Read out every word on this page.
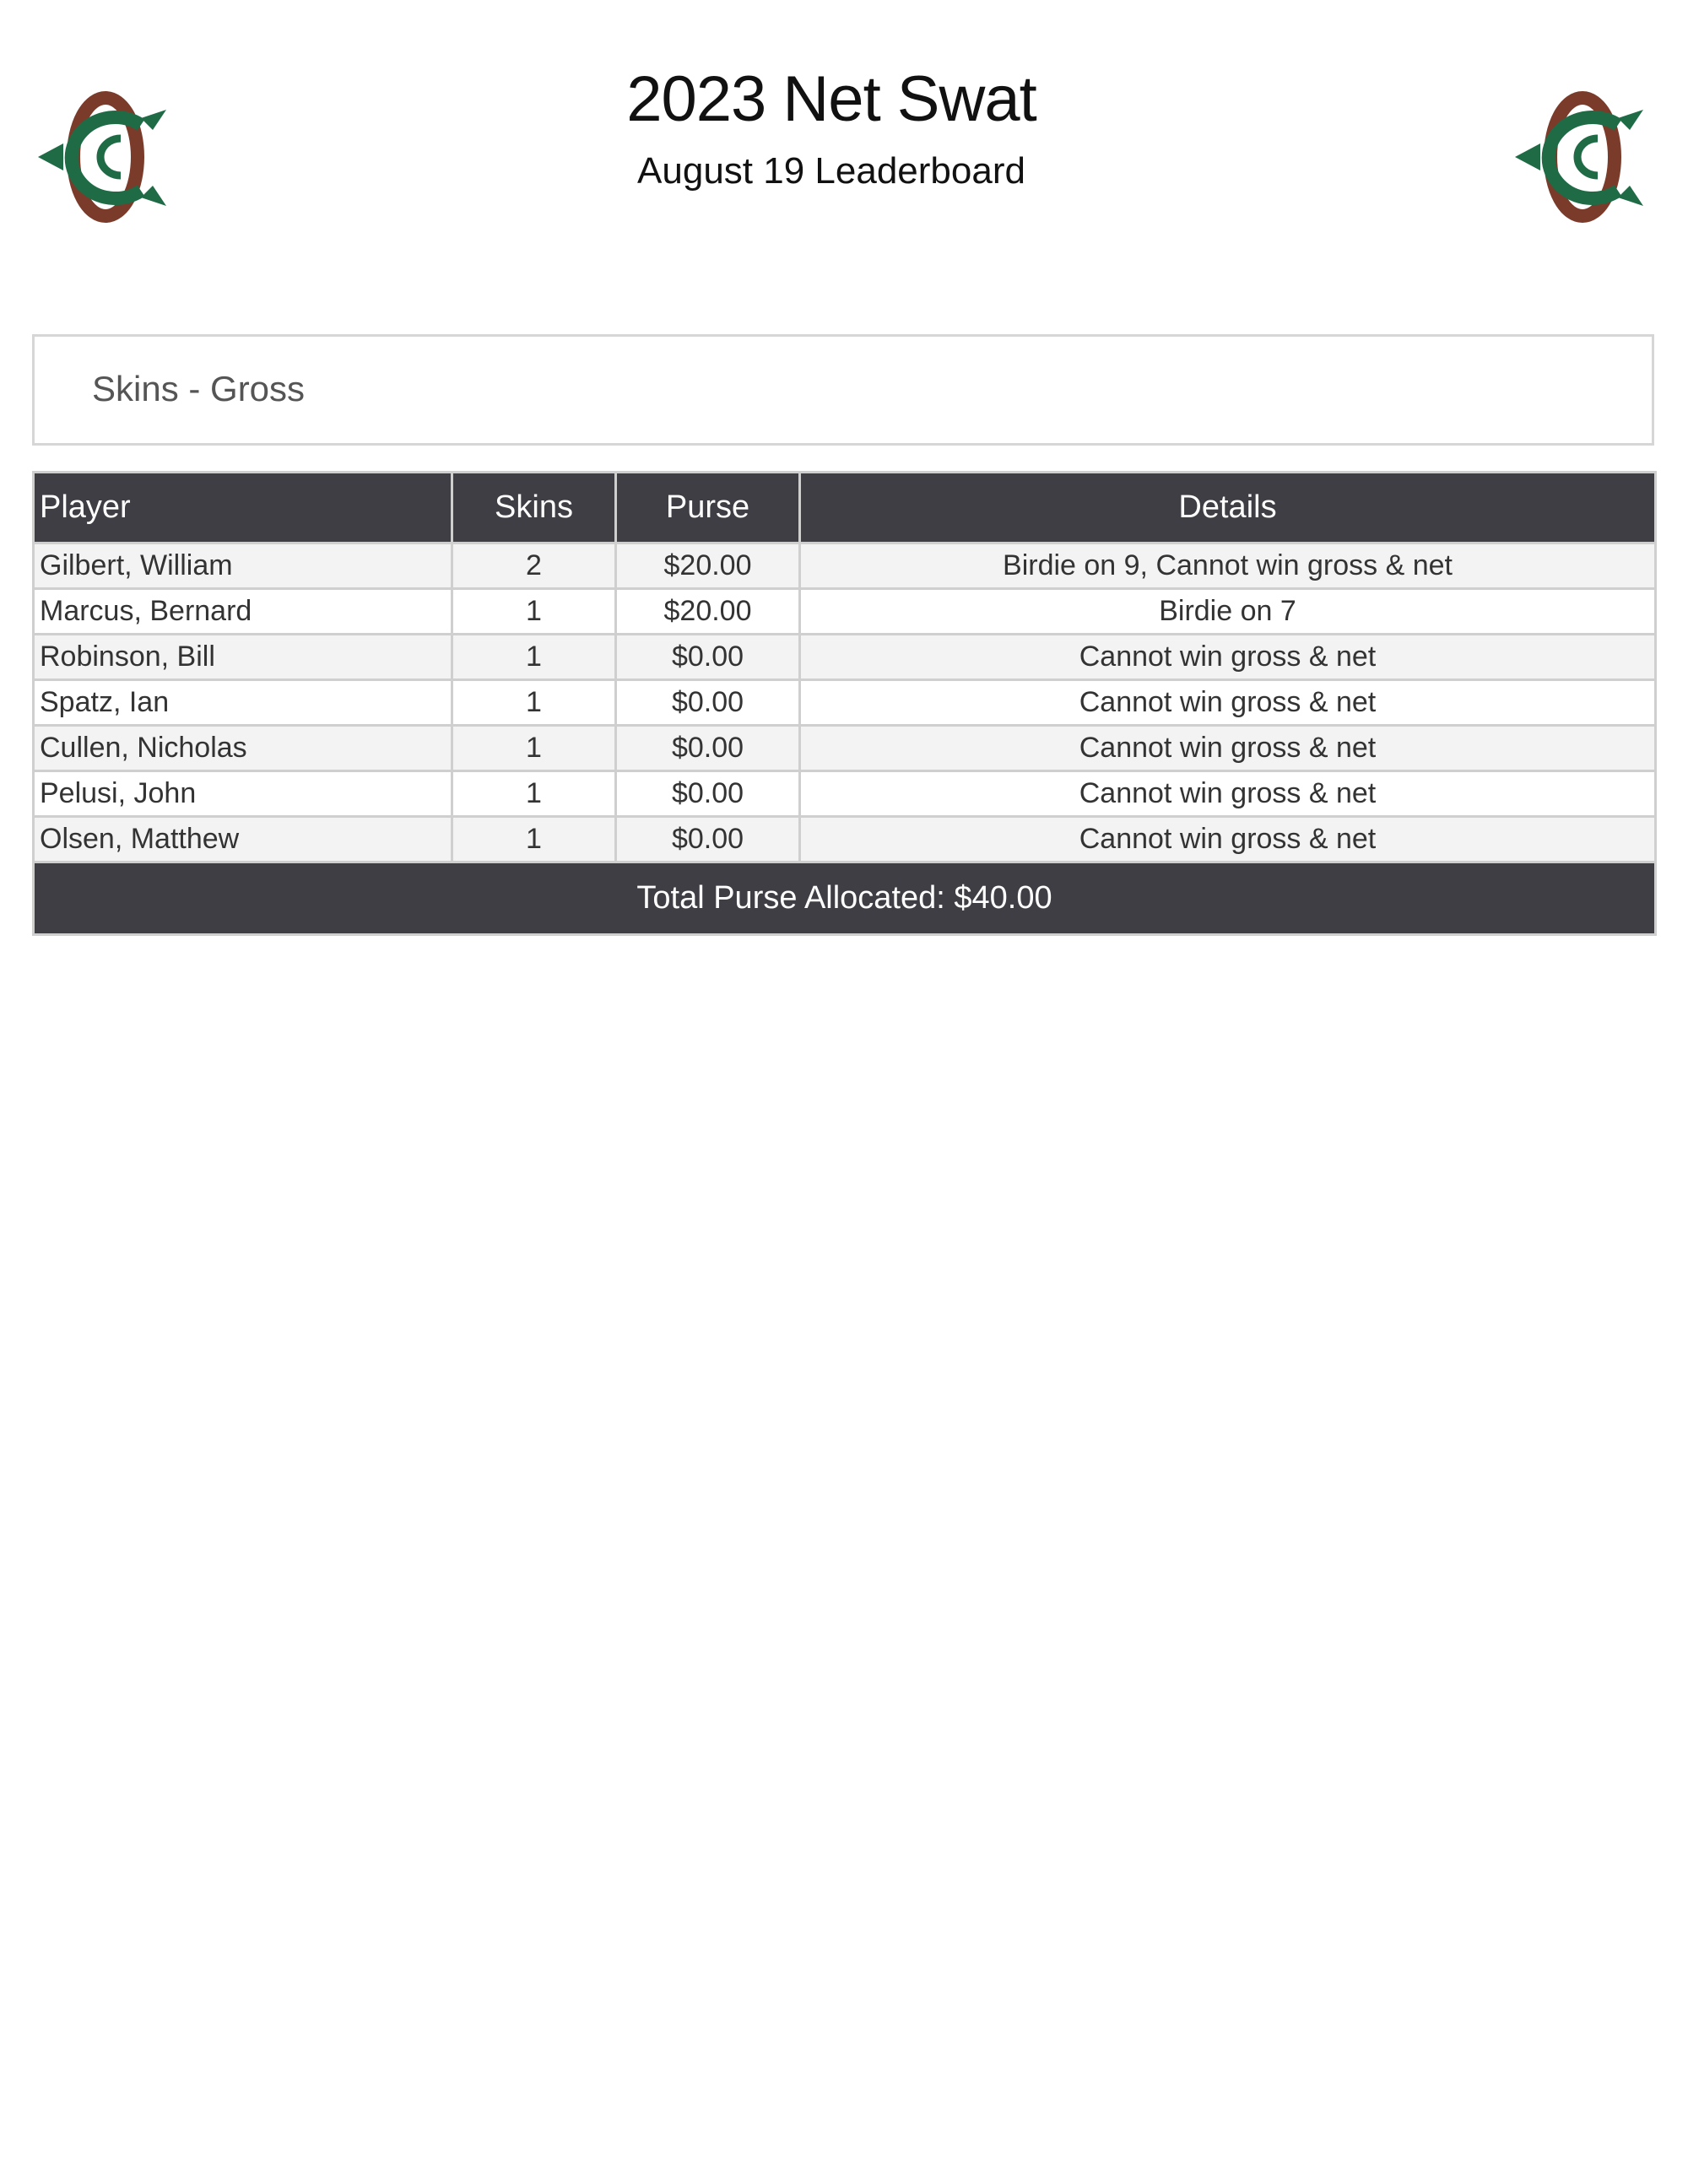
2023 Net Swat
August 19 Leaderboard
Skins - Gross
Player	Skins	Purse	Details
Gilbert, William	2	$20.00	Birdie on 9, Cannot win gross & net
Marcus, Bernard	1	$20.00	Birdie on 7
Robinson, Bill	1	$0.00	Cannot win gross & net
Spatz, Ian	1	$0.00	Cannot win gross & net
Cullen, Nicholas	1	$0.00	Cannot win gross & net
Pelusi, John	1	$0.00	Cannot win gross & net
Olsen, Matthew	1	$0.00	Cannot win gross & net
Total Purse Allocated: $40.00			
